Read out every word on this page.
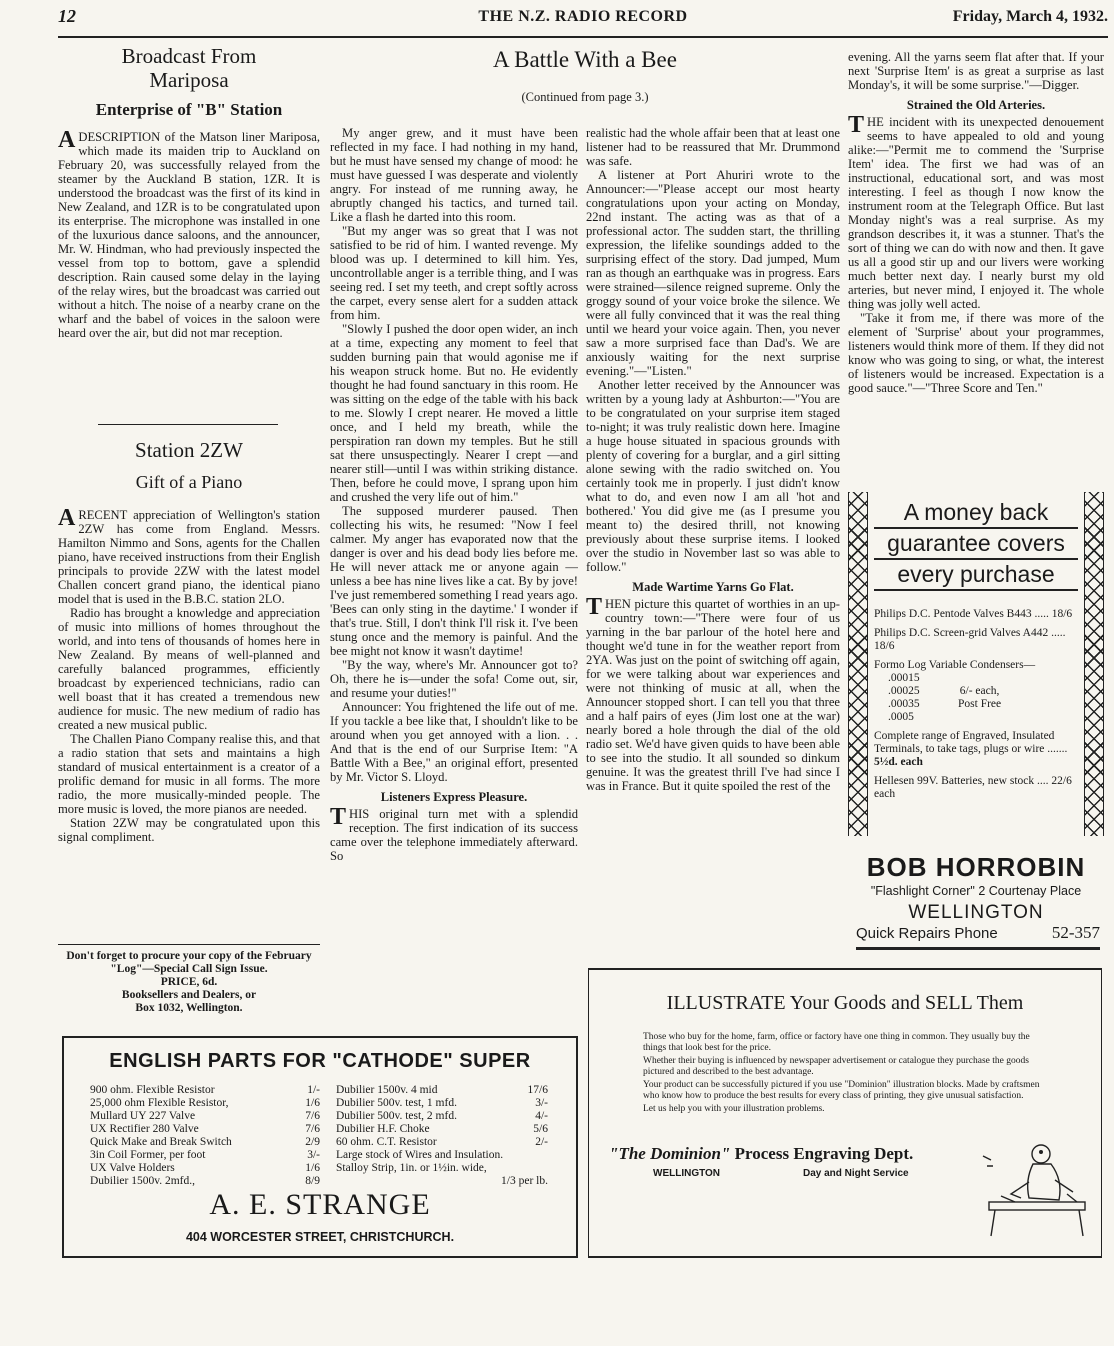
12	THE N.Z. RADIO RECORD	Friday, March 4, 1932.
Broadcast From Mariposa
Enterprise of "B" Station

ADESCRIPTION of the Matson liner Mariposa, which made its maiden trip to Auckland on February 20, was successfully relayed from the steamer by the Auckland B station, 1ZR. It is understood the broadcast was the first of its kind in New Zealand, and 1ZR is to be congratulated upon its enterprise. The microphone was installed in one of the luxurious dance saloons, and the announcer, Mr. W. Hindman, who had previously inspected the vessel from top to bottom, gave a splendid description. Rain caused some delay in the laying of the relay wires, but the broadcast was carried out without a hitch. The noise of a nearby crane on the wharf and the babel of voices in the saloon were heard over the air, but did not mar reception.

Station 2ZW
Gift of a Piano

ARECENT appreciation of Wellington's station 2ZW has come from England. Messrs. Hamilton Nimmo and Sons, agents for the Challen piano, have received instructions from their English principals to provide 2ZW with the latest model Challen concert grand piano, the identical piano model that is used in the B.B.C. station 2LO.

Radio has brought a knowledge and appreciation of music into millions of homes throughout the world, and into tens of thousands of homes here in New Zealand. By means of well-planned and carefully balanced programmes, efficiently broadcast by experienced technicians, radio can well boast that it has created a tremendous new audience for music. The new medium of radio has created a new musical public.

The Challen Piano Company realise this, and that a radio station that sets and maintains a high standard of musical entertainment is a creator of a prolific demand for music in all forms. The more radio, the more musically-minded people. The more music is loved, the more pianos are needed.

Station 2ZW may be congratulated upon this signal compliment.

Don't forget to procure your copy of the February "Log"—Special Call Sign Issue.
PRICE, 6d.
Booksellers and Dealers, or
Box 1032, Wellington.
A Battle With a Bee
(Continued from page 3.)

My anger grew, and it must have been reflected in my face. I had nothing in my hand, but he must have sensed my change of mood: he must have guessed I was desperate and violently angry. For instead of me running away, he abruptly changed his tactics, and turned tail. Like a flash he darted into this room.

"But my anger was so great that I was not satisfied to be rid of him. I wanted revenge. My blood was up. I determined to kill him. Yes, uncontrollable anger is a terrible thing, and I was seeing red. I set my teeth, and crept softly across the carpet, every sense alert for a sudden attack from him.

"Slowly I pushed the door open wider, an inch at a time, expecting any moment to feel that sudden burning pain that would agonise me if his weapon struck home. But no. He evidently thought he had found sanctuary in this room. He was sitting on the edge of the table with his back to me. Slowly I crept nearer. He moved a little once, and I held my breath, while the perspiration ran down my temples. But he still sat there unsuspectingly. Nearer I crept —and nearer still—until I was within striking distance. Then, before he could move, I sprang upon him and crushed the very life out of him."

The supposed murderer paused. Then collecting his wits, he resumed: "Now I feel calmer. My anger has evaporated now that the danger is over and his dead body lies before me. He will never attack me or anyone again —unless a bee has nine lives like a cat. By by jove! I've just remembered something I read years ago. 'Bees can only sting in the daytime.' I wonder if that's true. Still, I don't think I'll risk it. I've been stung once and the memory is painful. And the bee might not know it wasn't daytime!

"By the way, where's Mr. Announcer got to? Oh, there he is—under the sofa! Come out, sir, and resume your duties!"

Announcer: You frightened the life out of me. If you tackle a bee like that, I shouldn't like to be around when you get annoyed with a lion. . . And that is the end of our Surprise Item: "A Battle With a Bee," an original effort, presented by Mr. Victor S. Lloyd.

Listeners Express Pleasure.

THIS original turn met with a splendid reception. The first indication of its success came over the telephone immediately afterward. So

realistic had the whole affair been that at least one listener had to be reassured that Mr. Drummond was safe.

A listener at Port Ahuriri wrote to the Announcer:—"Please accept our most hearty congratulations upon your acting on Monday, 22nd instant. The acting was as that of a professional actor. The sudden start, the thrilling expression, the lifelike soundings added to the surprising effect of the story. Dad jumped, Mum ran as though an earthquake was in progress. Ears were strained—silence reigned supreme. Only the groggy sound of your voice broke the silence. We were all fully convinced that it was the real thing until we heard your voice again. Then, you never saw a more surprised face than Dad's. We are anxiously waiting for the next surprise evening."—"Listen."

Another letter received by the Announcer was written by a young lady at Ashburton:—"You are to be congratulated on your surprise item staged to-night; it was truly realistic down here. Imagine a huge house situated in spacious grounds with plenty of covering for a burglar, and a girl sitting alone sewing with the radio switched on. You certainly took me in properly. I just didn't know what to do, and even now I am all 'hot and bothered.' You did give me (as I presume you meant to) the desired thrill, not knowing previously about these surprise items. I looked over the studio in November last so was able to follow."

Made Wartime Yarns Go Flat.

THEN picture this quartet of worthies in an up-country town:—"There were four of us yarning in the bar parlour of the hotel here and thought we'd tune in for the weather report from 2YA. Was just on the point of switching off again, for we were talking about war experiences and were not thinking of music at all, when the Announcer stopped short. I can tell you that three and a half pairs of eyes (Jim lost one at the war) nearly bored a hole through the dial of the old radio set. We'd have given quids to have been able to see into the studio. It all sounded so dinkum genuine. It was the greatest thrill I've had since I was in France. But it quite spoiled the rest of the

evening. All the yarns seem flat after that. If your next 'Surprise Item' is as great a surprise as last Monday's, it will be some surprise."—Digger.

Strained the Old Arteries.

THE incident with its unexpected denouement seems to have appealed to old and young alike:—"Permit me to commend the 'Surprise Item' idea. The first we had was of an instructional, educational sort, and was most interesting. I feel as though I now know the instrument room at the Telegraph Office. But last Monday night's was a real surprise. As my grandson describes it, it was a stunner. That's the sort of thing we can do with now and then. It gave us all a good stir up and our livers were working much better next day. I nearly burst my old arteries, but never mind, I enjoyed it. The whole thing was jolly well acted.

"Take it from me, if there was more of the element of 'Surprise' about your programmes, listeners would think more of them. If they did not know who was going to sing, or what, the interest of listeners would be increased. Expectation is a good sauce."—"Three Score and Ten."

A money back
guarantee covers
every purchase
Philips D.C. Pentode Valves B443 ..... 18/6
Philips D.C. Screen-grid Valves A442 ..... 18/6
Formo Log Variable Condensers—
.00015
.00025
.00035
.0005
6/- each,
Post Free
Complete range of Engraved, Insulated Terminals, to take tags, plugs or wire ....... 5½d. each
Hellesen 99V. Batteries, new stock .... 22/6 each
BOB HORROBIN
"Flashlight Corner" 2 Courtenay Place
WELLINGTON
Quick Repairs Phone	52-357
ILLUSTRATE Your Goods and SELL Them
Those who buy for the home, farm, office or factory have one thing in common. They usually buy the things that look best for the price.
Whether their buying is influenced by newspaper advertisement or catalogue they purchase the goods pictured and described to the best advantage.
Your product can be successfully pictured if you use "Dominion" illustration blocks. Made by craftsmen who know how to produce the best results for every class of printing, they give unusual satisfaction.
Let us help you with your illustration problems.
"The Dominion" Process Engraving Dept.
WELLINGTON	Day and Night Service
ENGLISH PARTS FOR "CATHODE" SUPER
900 ohm. Flexible Resistor	1/-
25,000 ohm Flexible Resistor,	1/6
Mullard UY 227 Valve	7/6
UX Rectifier 280 Valve	7/6
Quick Make and Break Switch	2/9
3in Coil Former, per foot	3/-
UX Valve Holders	1/6
Dubilier 1500v. 2mfd.,	8/9
Dubilier 1500v. 4 mid	17/6
Dubilier 500v. test, 1 mfd.	3/-
Dubilier 500v. test, 2 mfd.	4/-
Dubilier H.F. Choke	5/6
60 ohm. C.T. Resistor	2/-
Large stock of Wires and Insulation.
Stalloy Strip, 1in. or 1½in. wide,
1/3 per lb.
A. E. STRANGE
404 WORCESTER STREET, CHRISTCHURCH.
